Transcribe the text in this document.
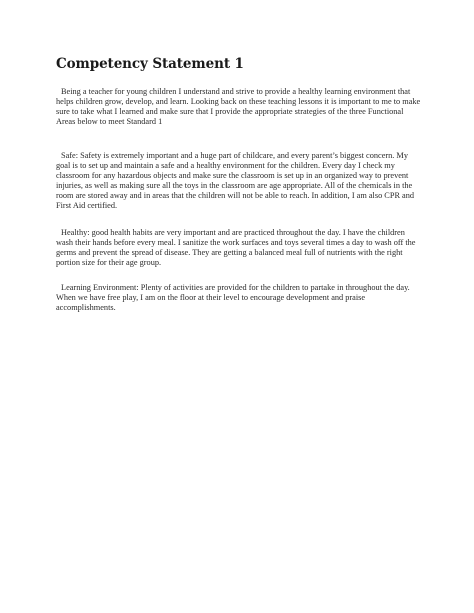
Competency Statement 1

Being a teacher for young children I understand and strive to provide a healthy learning environment that helps children grow, develop, and learn. Looking back on these teaching lessons it is important to me to make sure to take what I learned and make sure that I provide the appropriate strategies of the three Functional Areas below to meet Standard 1

Safe: Safety is extremely important and a huge part of childcare, and every parent’s biggest concern. My goal is to set up and maintain a safe and a healthy environment for the children. Every day I check my classroom for any hazardous objects and make sure the classroom is set up in an organized way to prevent injuries, as well as making sure all the toys in the classroom are age appropriate. All of the chemicals in the room are stored away and in areas that the children will not be able to reach. In addition, I am also CPR and First Aid certified.

Healthy: good health habits are very important and are practiced throughout the day. I have the children wash their hands before every meal. I sanitize the work surfaces and toys several times a day to wash off the germs and prevent the spread of disease. They are getting a balanced meal full of nutrients with the right portion size for their age group.

Learning Environment: Plenty of activities are provided for the children to partake in throughout the day. When we have free play, I am on the floor at their level to encourage development and praise accomplishments.
